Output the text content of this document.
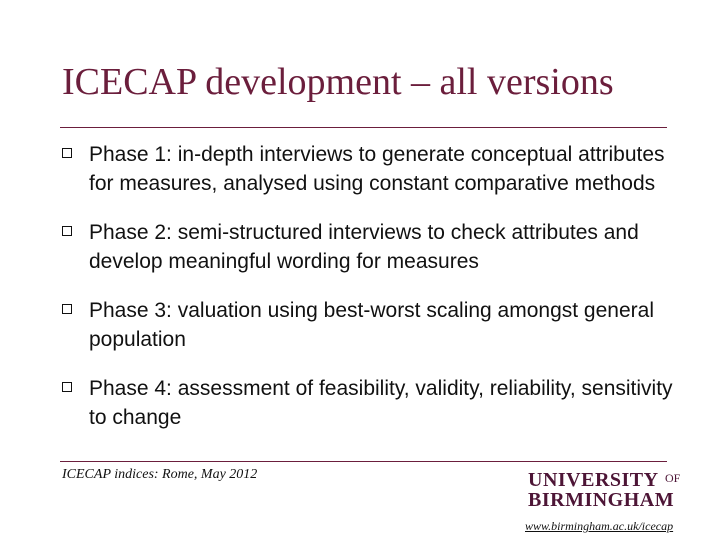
ICECAP development – all versions
Phase 1: in-depth interviews to generate conceptual attributes for measures, analysed using constant comparative methods
Phase 2: semi-structured interviews to check attributes and develop meaningful wording for measures
Phase 3: valuation using best-worst scaling amongst general population
Phase 4: assessment of feasibility, validity, reliability, sensitivity to change
ICECAP indices: Rome, May 2012	UNIVERSITY OF
BIRMINGHAM
www.birmingham.ac.uk/icecap
